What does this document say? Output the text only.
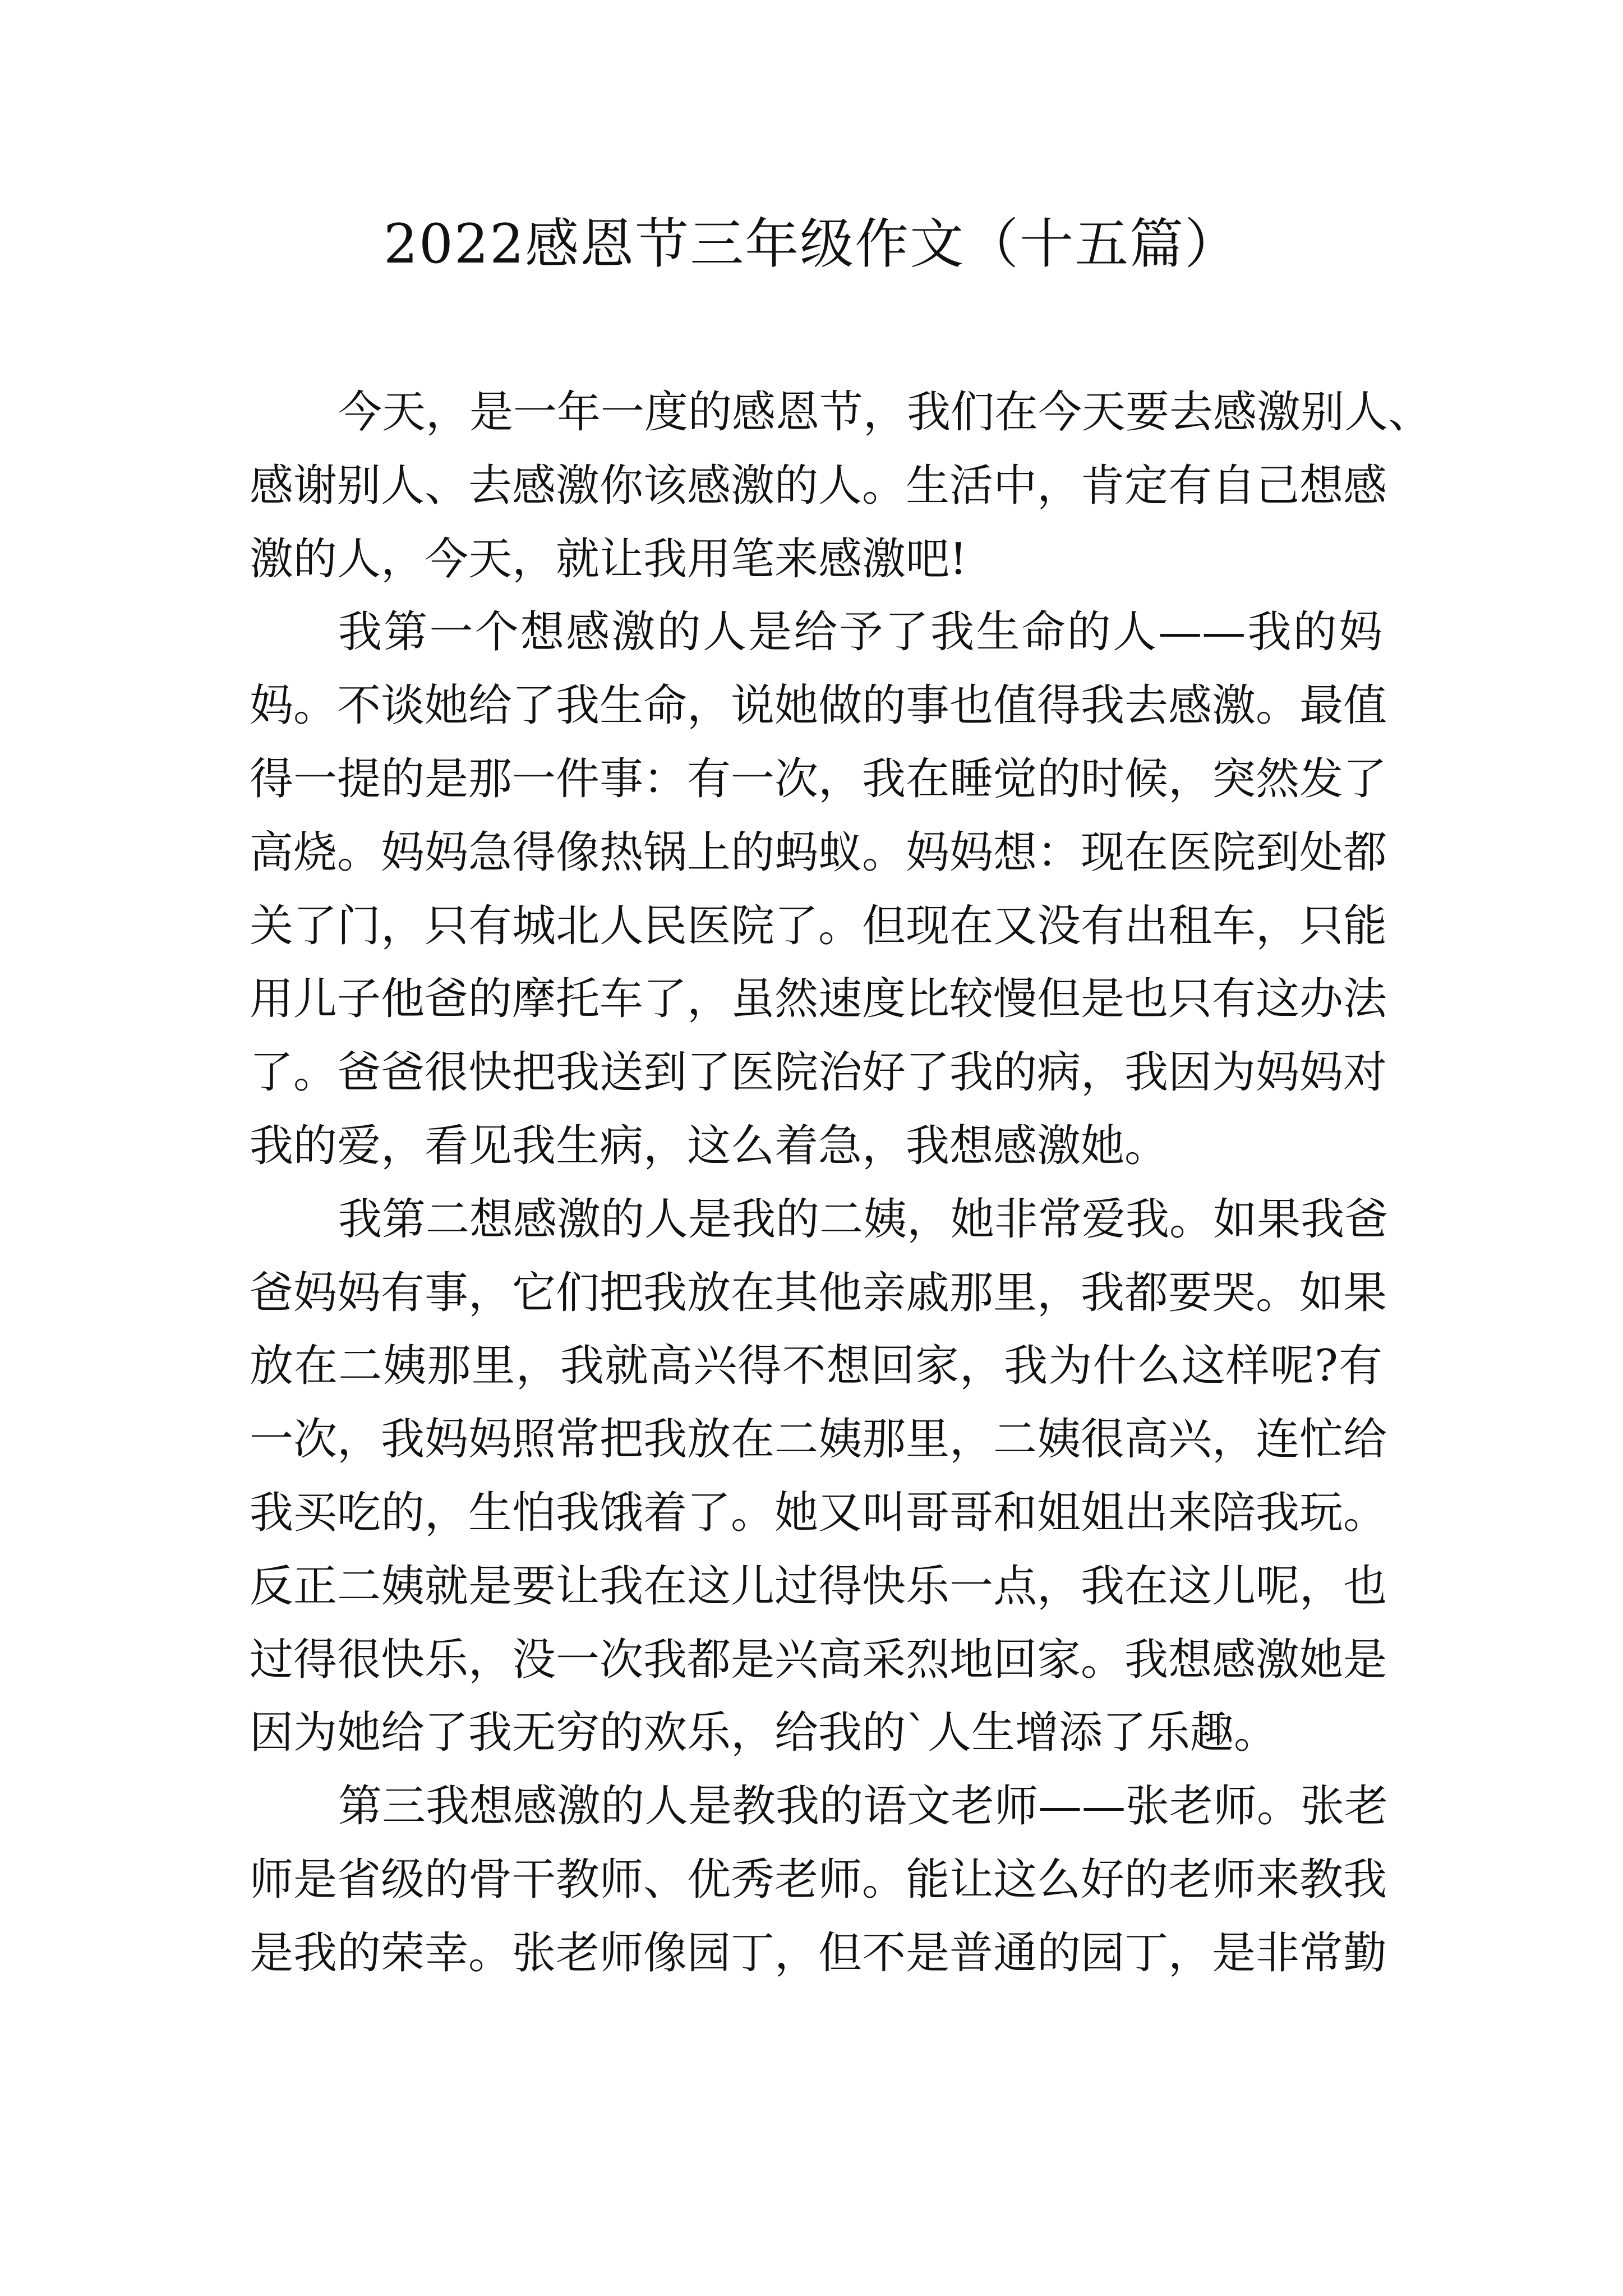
2022感恩节三年级作文（十五篇）
今天，是一年一度的感恩节，我们在今天要去感激别人、
感谢别人、去感激你该感激的人。生活中，肯定有自己想感
激的人，今天，就让我用笔来感激吧!
我第一个想感激的人是给予了我生命的人——我的妈
妈。不谈她给了我生命，说她做的事也值得我去感激。最值
得一提的是那一件事：有一次，我在睡觉的时候，突然发了
高烧。妈妈急得像热锅上的蚂蚁。妈妈想：现在医院到处都
关了门，只有城北人民医院了。但现在又没有出租车，只能
用儿子他爸的摩托车了，虽然速度比较慢但是也只有这办法
了。爸爸很快把我送到了医院治好了我的病，我因为妈妈对
我的爱，看见我生病，这么着急，我想感激她。
我第二想感激的人是我的二姨，她非常爱我。如果我爸
爸妈妈有事，它们把我放在其他亲戚那里，我都要哭。如果
放在二姨那里，我就高兴得不想回家，我为什么这样呢?有
一次，我妈妈照常把我放在二姨那里，二姨很高兴，连忙给
我买吃的，生怕我饿着了。她又叫哥哥和姐姐出来陪我玩。
反正二姨就是要让我在这儿过得快乐一点，我在这儿呢，也
过得很快乐，没一次我都是兴高采烈地回家。我想感激她是
因为她给了我无穷的欢乐，给我的`人生增添了乐趣。
第三我想感激的人是教我的语文老师——张老师。张老
师是省级的骨干教师、优秀老师。能让这么好的老师来教我
是我的荣幸。张老师像园丁，但不是普通的园丁，是非常勤
